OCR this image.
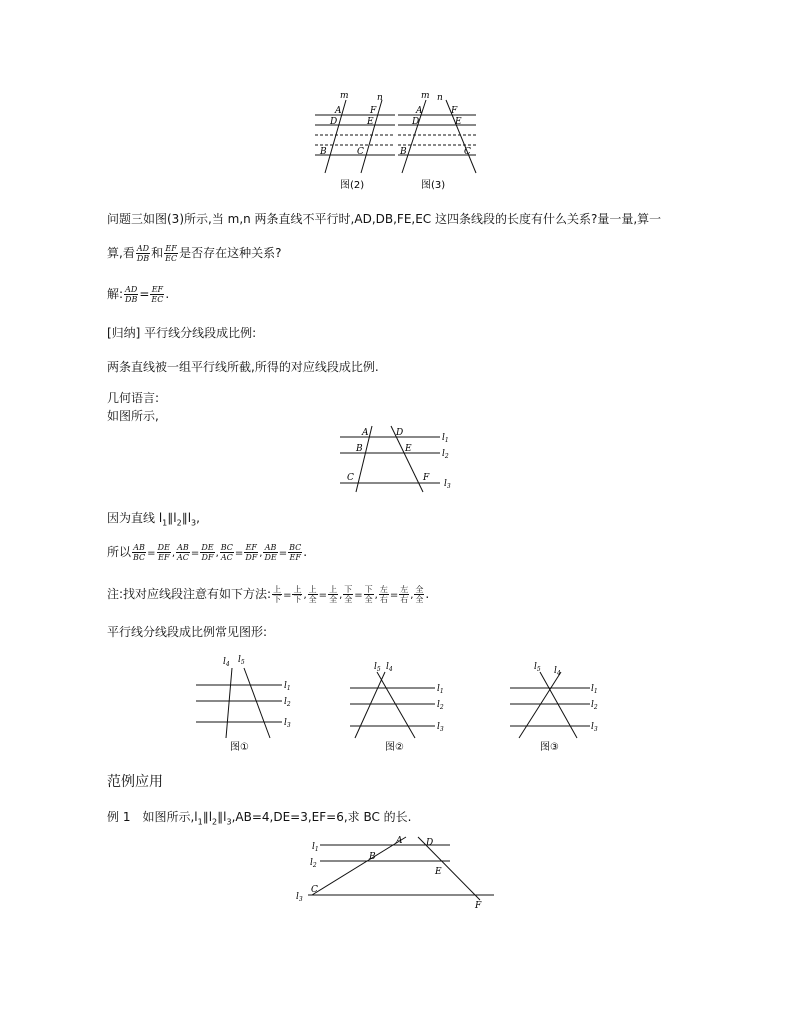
m	n
A	F
D	E
B	C
图(2)
m n
A	F
D	E
B	C
图(3)
问题三如图(3)所示,当 m,n 两条直线不平行时,AD,DB,FE,EC 这四条线段的长度有什么关系?量一量,算一
算,看 $\frac{AD}{DB}$ 和 $\frac{EF}{EC}$ 是否存在这种关系?
解: $\frac{AD}{DB} = \frac{EF}{EC}$ .
[归纳] 平行线分线段成比例:
两条直线被一组平行线所截,所得的对应线段成比例.
几何语言:
如图所示,
A	D
B	E
C	F
$l_1$
$l_2$
$l_3$
因为直线 $l_1\parallel l_2\parallel l_3$,
所以 $\frac{AB}{BC} = \frac{DE}{EF}$ , $\frac{AB}{AC} = \frac{DE}{DF}$ , $\frac{BC}{AC} = \frac{EF}{DF}$ , $\frac{AB}{DE} = \frac{BC}{EF}$ .
注:找对应线段注意有如下方法: $\frac{\text{上}}{\text{下}} = \frac{\text{上}}{\text{下}}$ , $\frac{\text{上}}{\text{全}} = \frac{\text{上}}{\text{全}}$ , $\frac{\text{下}}{\text{全}} = \frac{\text{下}}{\text{全}}$ , $\frac{\text{左}}{\text{右}} = \frac{\text{左}}{\text{右}}$ , $\frac{\text{全}}{\text{全}}$ .
平行线分线段成比例常见图形:
$l_4$ $l_5$
$l_1$
$l_2$
$l_3$
图①
$l_5$ $l_4$
$l_1$
$l_2$
$l_3$
图②
$l_5$ $l_4$
$l_1$
$l_2$
$l_3$
图③
范例应用
例 1　如图所示$,l_1\parallel l_2\parallel l_3,AB=4,DE=3,EF=6$,求 BC 的长.
A	D
B
E
C
F
$l_1$
$l_2$
$l_3$
